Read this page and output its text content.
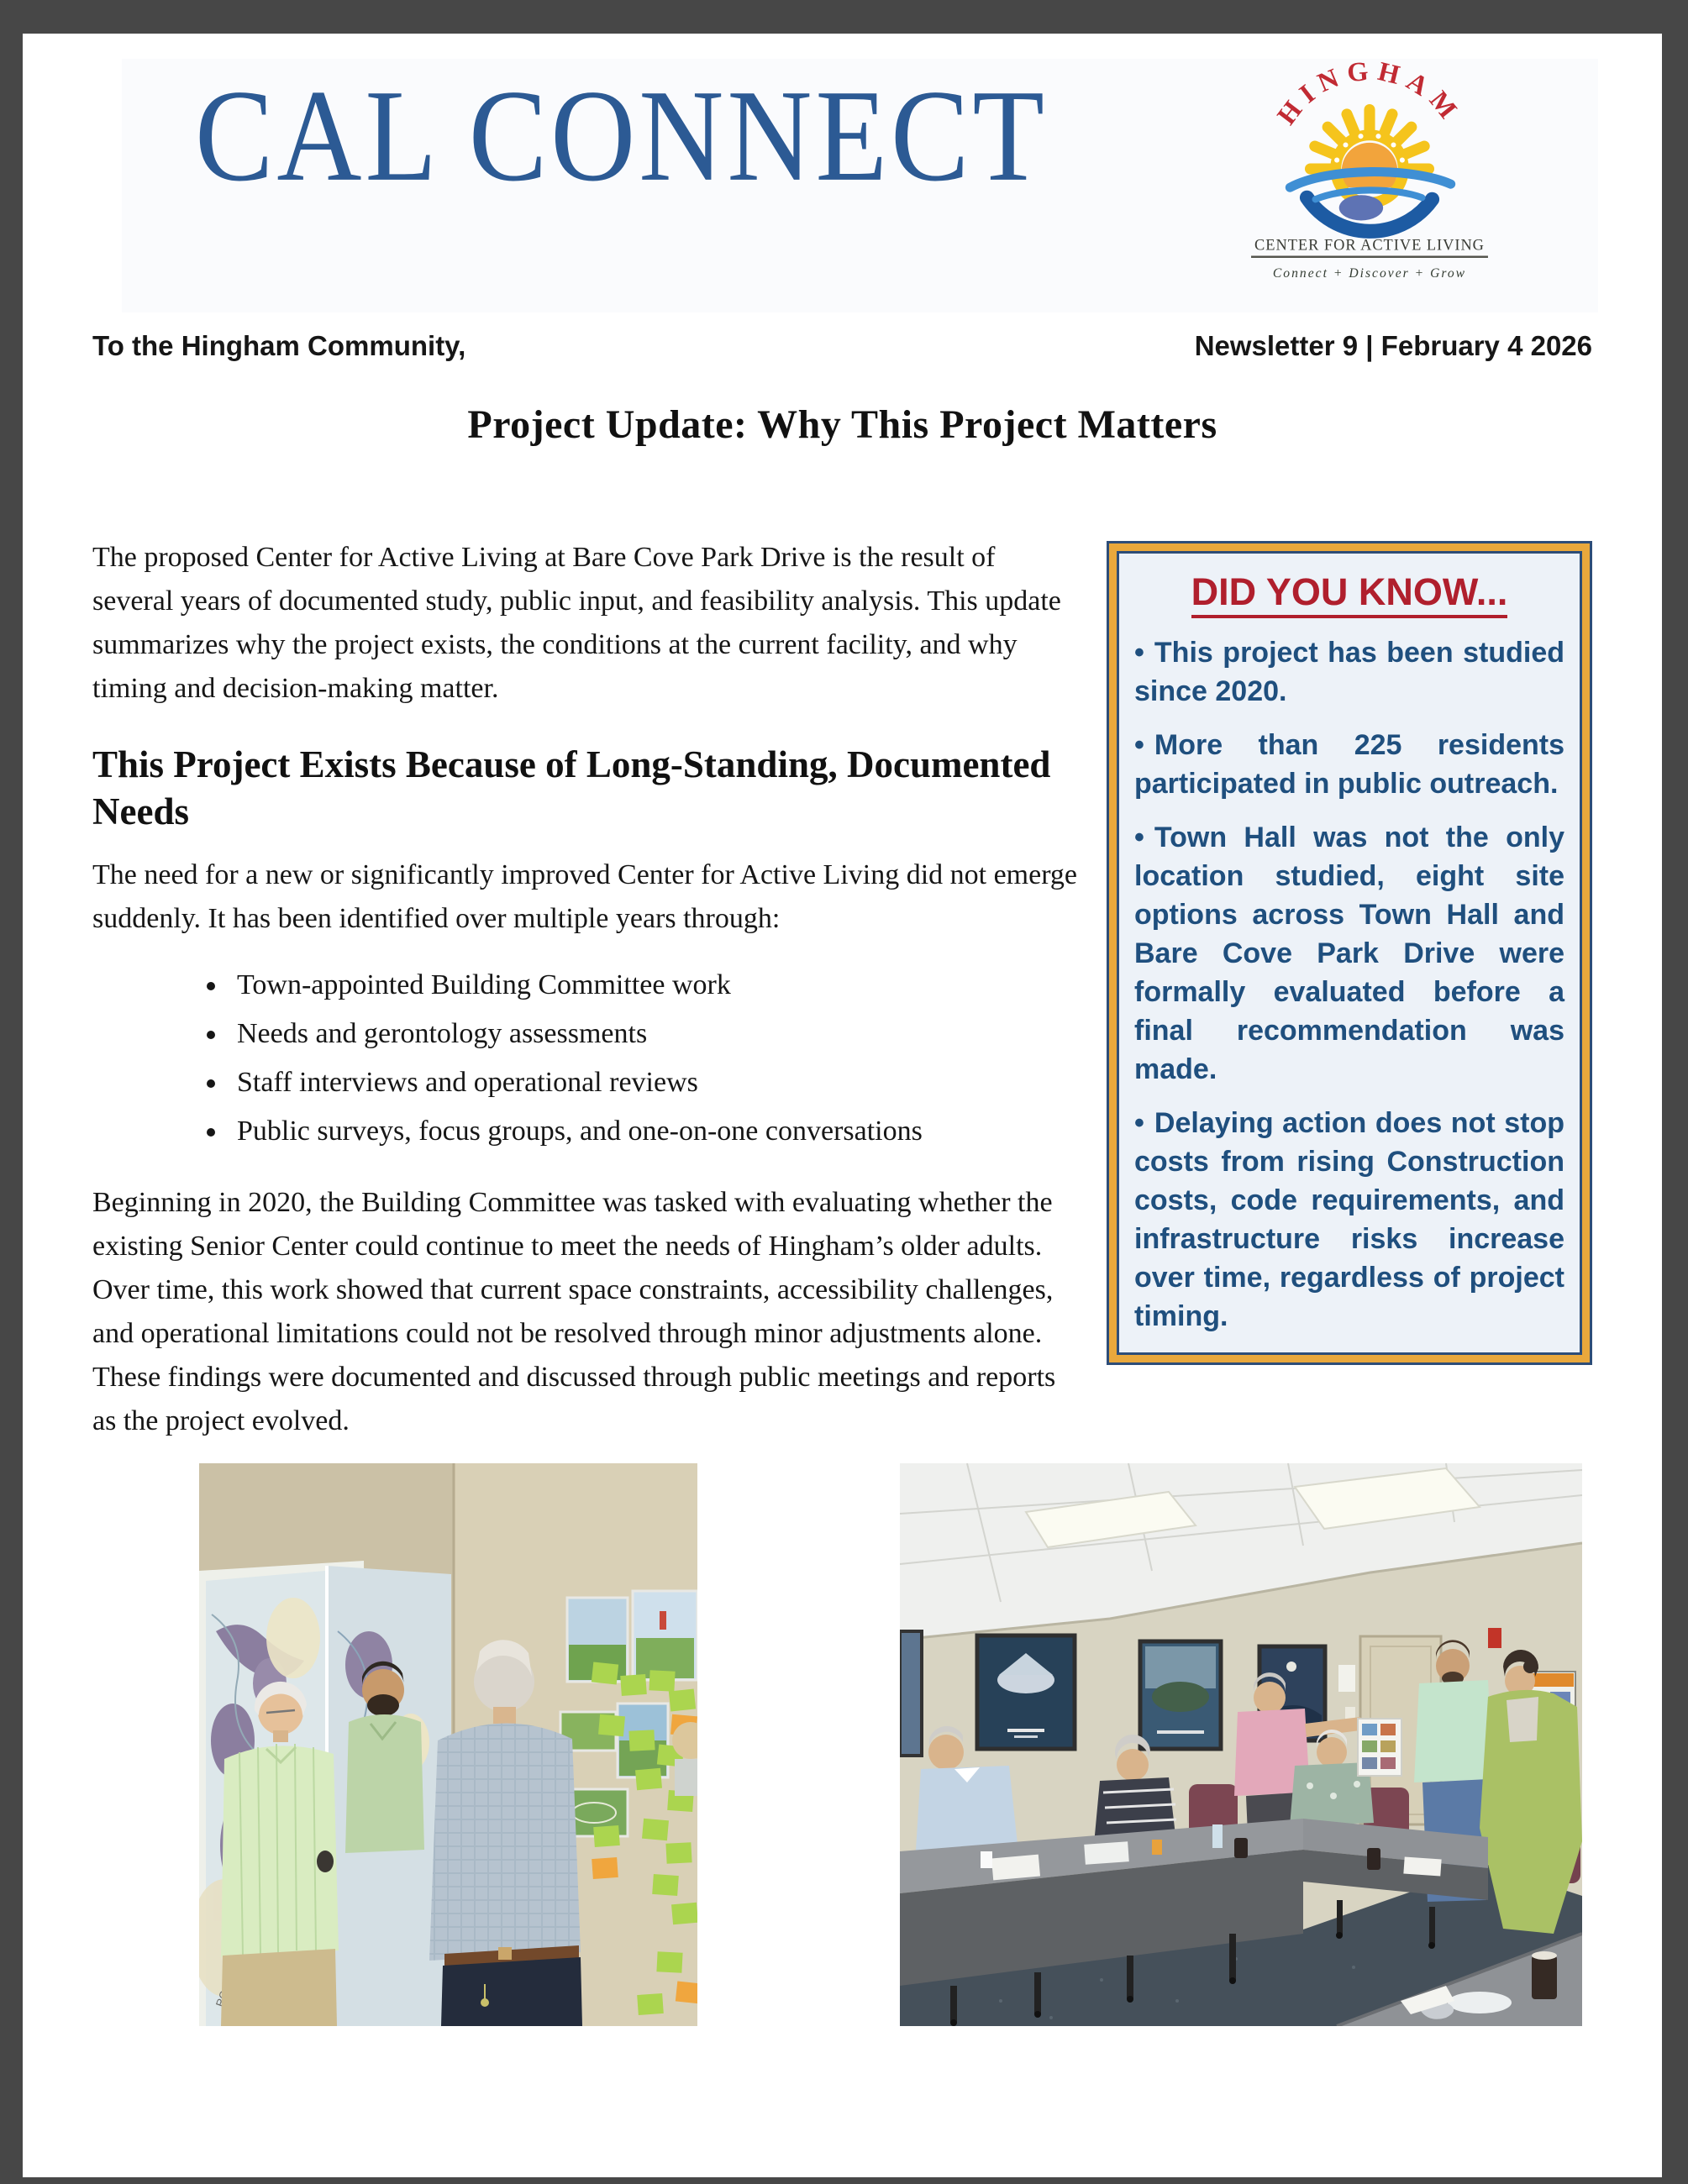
CAL CONNECT	HINGHAM
CENTER FOR ACTIVE LIVING
Connect + Discover + Grow
To the Hingham Community,	Newsletter 9 | February 4 2026
Project Update: Why This Project Matters
DID YOU KNOW...

• This project has been studied since 2020.

• More than 225 residents participated in public outreach.

• Town Hall was not the only location studied, eight site options across Town Hall and Bare Cove Park Drive were formally evaluated before a final recommendation was made.

• Delaying action does not stop costs from rising Construction costs, code requirements, and infrastructure risks increase over time, regardless of project timing.

The proposed Center for Active Living at Bare Cove Park Drive is the result of several years of documented study, public input, and feasibility analysis. This update summarizes why the project exists, the conditions at the current facility, and why timing and decision-making matter.

This Project Exists Because of Long-Standing, Documented Needs

The need for a new or significantly improved Center for Active Living did not emerge suddenly. It has been identified over multiple years through:

• Town-appointed Building Committee work
• Needs and gerontology assessments
• Staff interviews and operational reviews
• Public surveys, focus groups, and one-on-one conversations

Beginning in 2020, the Building Committee was tasked with evaluating whether the existing Senior Center could continue to meet the needs of Hingham’s older adults. Over time, this work showed that current space constraints, accessibility challenges, and operational limitations could not be resolved through minor adjustments alone. These findings were documented and discussed through public meetings and reports as the project evolved.
